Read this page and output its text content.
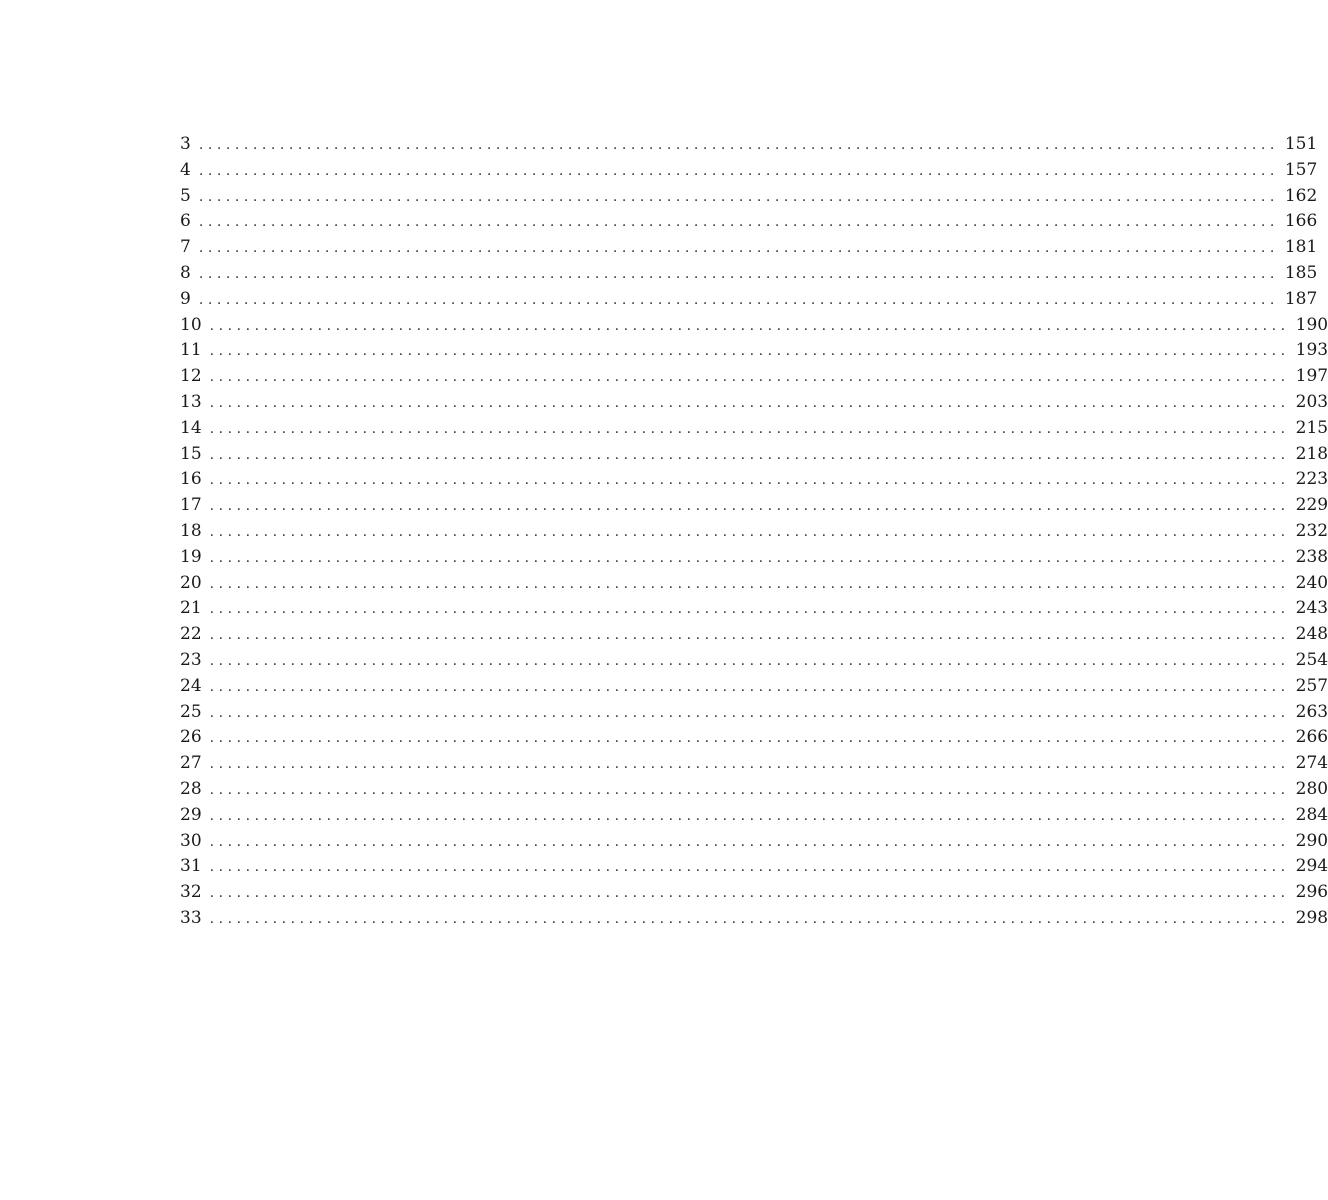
3 ........................................................................................................................ 151
4 ........................................................................................................................ 157
5 ........................................................................................................................ 162
6 ........................................................................................................................ 166
7 ........................................................................................................................ 181
8 ........................................................................................................................ 185
9 ........................................................................................................................ 187
10 ........................................................................................................................ 190
11 ........................................................................................................................ 193
12 ........................................................................................................................ 197
13 ........................................................................................................................ 203
14 ........................................................................................................................ 215
15 ........................................................................................................................ 218
16 ........................................................................................................................ 223
17 ........................................................................................................................ 229
18 ........................................................................................................................ 232
19 ........................................................................................................................ 238
20 ........................................................................................................................ 240
21 ........................................................................................................................ 243
22 ........................................................................................................................ 248
23 ........................................................................................................................ 254
24 ........................................................................................................................ 257
25 ........................................................................................................................ 263
26 ........................................................................................................................ 266
27 ........................................................................................................................ 274
28 ........................................................................................................................ 280
29 ........................................................................................................................ 284
30 ........................................................................................................................ 290
31 ........................................................................................................................ 294
32 ........................................................................................................................ 296
33 ........................................................................................................................ 298
